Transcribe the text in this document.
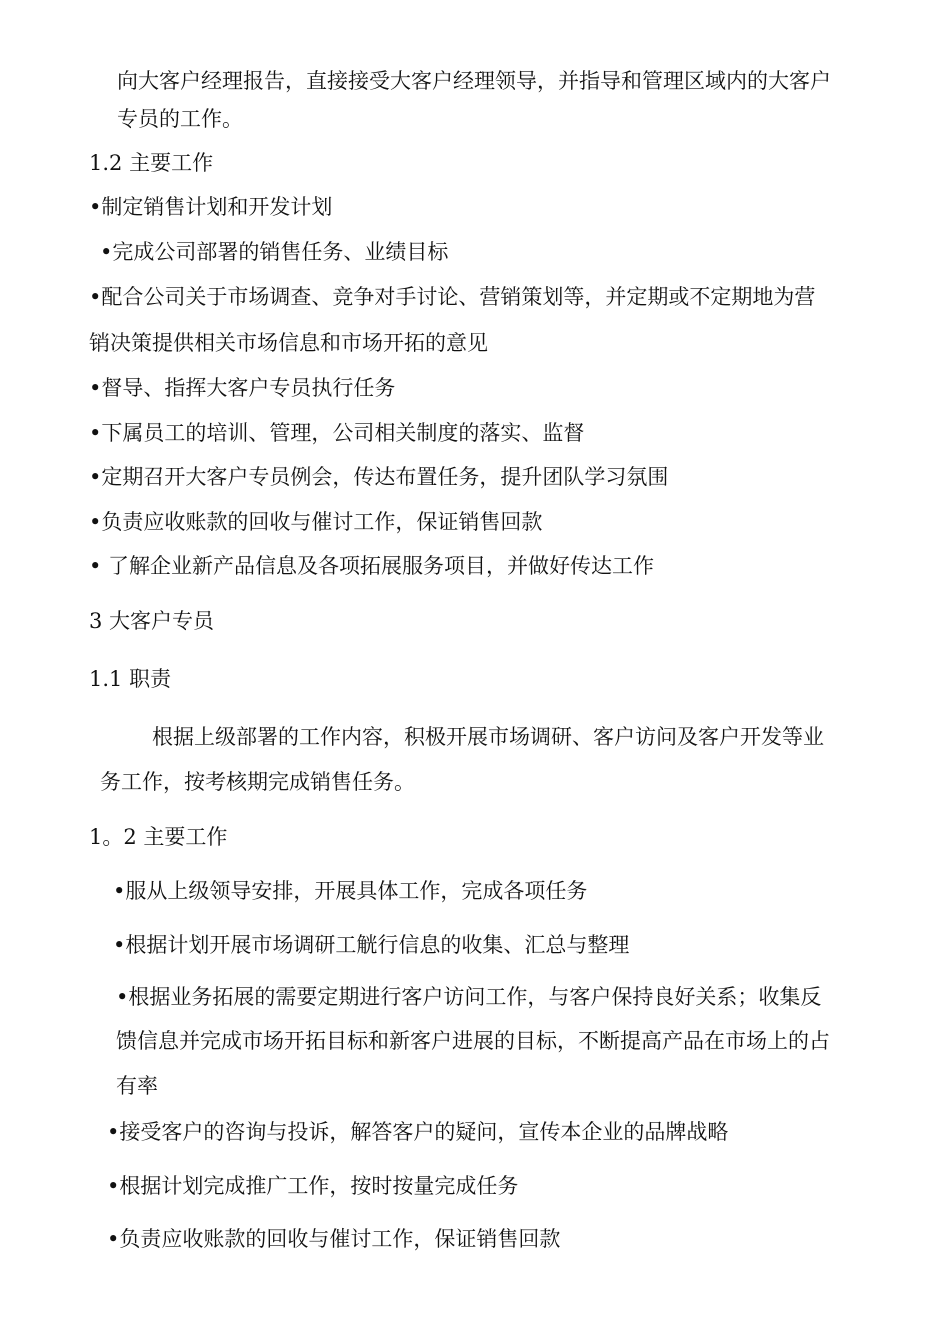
向大客户经理报告，直接接受大客户经理领导，并指导和管理区域内的大客户
专员的工作。
1.2 主要工作
•制定销售计划和开发计划
•完成公司部署的销售任务、业绩目标
•配合公司关于市场调查、竞争对手讨论、营销策划等，并定期或不定期地为营
销决策提供相关市场信息和市场开拓的意见
•督导、指挥大客户专员执行任务
•下属员工的培训、管理，公司相关制度的落实、监督
•定期召开大客户专员例会，传达布置任务，提升团队学习氛围
•负责应收账款的回收与催讨工作，保证销售回款
• 了解企业新产品信息及各项拓展服务项目，并做好传达工作
3 大客户专员
1.1 职责
根据上级部署的工作内容，积极开展市场调研、客户访问及客户开发等业
务工作，按考核期完成销售任务。
1。2 主要工作
•服从上级领导安排，开展具体工作，完成各项任务
•根据计划开展市场调研工觥行信息的收集、汇总与整理
•根据业务拓展的需要定期进行客户访问工作，与客户保持良好关系；收集反
馈信息并完成市场开拓目标和新客户进展的目标，不断提高产品在市场上的占
有率
•接受客户的咨询与投诉，解答客户的疑问，宣传本企业的品牌战略
•根据计划完成推广工作，按时按量完成任务
•负责应收账款的回收与催讨工作，保证销售回款
